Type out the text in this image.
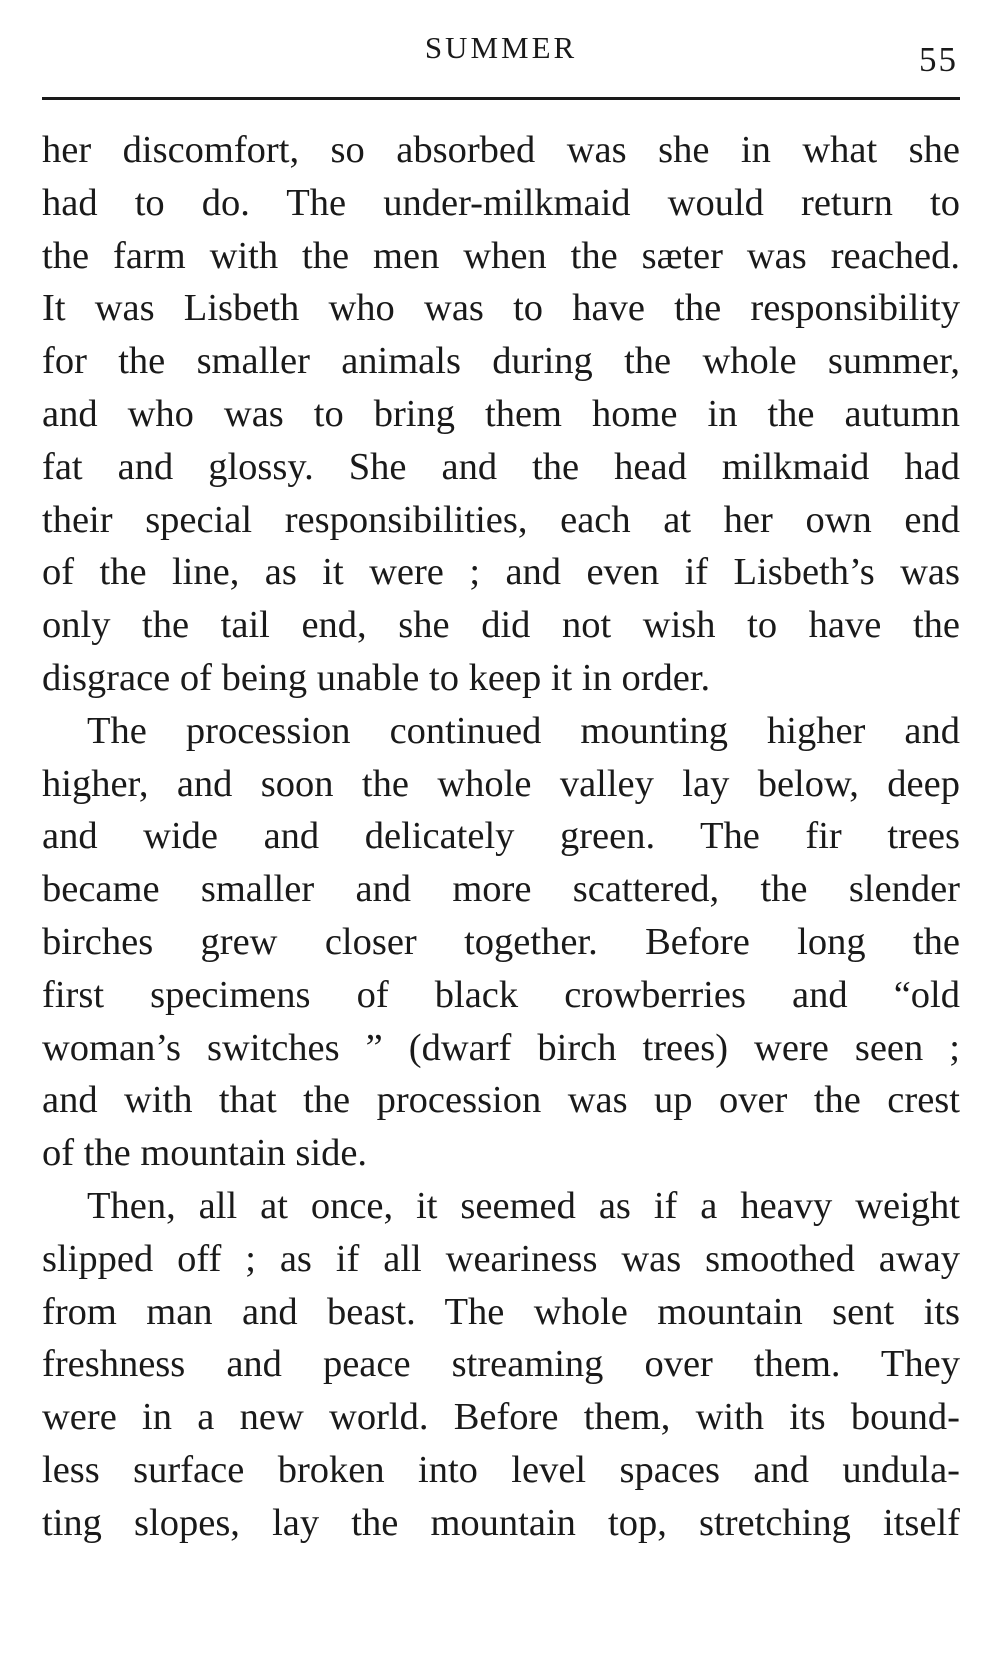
SUMMER	55

her discomfort, so absorbed was she in what she
had to do. The under-milkmaid would return to
the farm with the men when the sæter was reached.
It was Lisbeth who was to have the responsibility
for the smaller animals during the whole summer,
and who was to bring them home in the autumn
fat and glossy. She and the head milkmaid had
their special responsibilities, each at her own end
of the line, as it were ; and even if Lisbeth’s was
only the tail end, she did not wish to have the
disgrace of being unable to keep it in order.

The procession continued mounting higher and
higher, and soon the whole valley lay below, deep
and wide and delicately green. The fir trees
became smaller and more scattered, the slender
birches grew closer together. Before long the
first specimens of black crowberries and “old
woman’s switches ” (dwarf birch trees) were seen ;
and with that the procession was up over the crest
of the mountain side.

Then, all at once, it seemed as if a heavy weight
slipped off ; as if all weariness was smoothed away
from man and beast. The whole mountain sent its
freshness and peace streaming over them. They
were in a new world. Before them, with its bound-
less surface broken into level spaces and undula-
ting slopes, lay the mountain top, stretching itself
